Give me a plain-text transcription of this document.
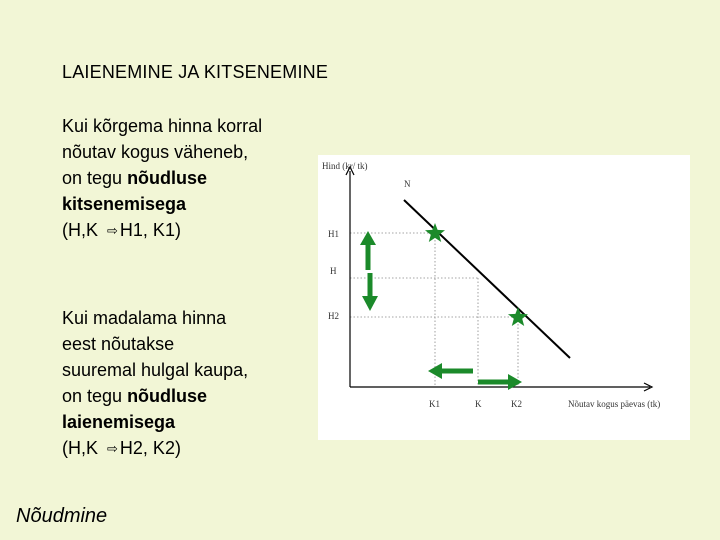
LAIENEMINE JA KITSENEMINE
Kui kõrgema hinna korral
nõutav kogus väheneb,
on tegu nõudluse
kitsenemisega
(H,K ⇨ H1, K1)
Kui madalama hinna
eest nõutakse
suuremal hulgal kaupa,
on tegu nõudluse
laienemisega
(H,K ⇨ H2, K2)
Nõudmine
Hind (kr/ tk)
N
H1
H
H2
K1	K	K2	Nõutav kogus päevas (tk)
